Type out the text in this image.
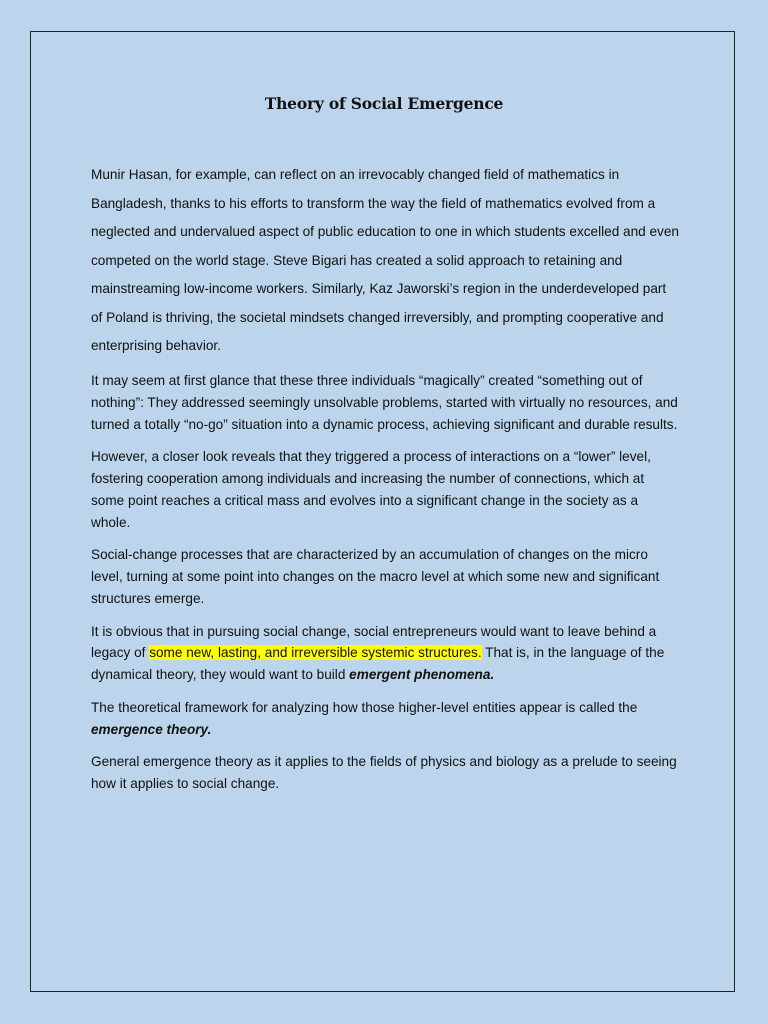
Theory of Social Emergence

Munir Hasan, for example, can reflect on an irrevocably changed field of mathematics in Bangladesh, thanks to his efforts to transform the way the field of mathematics evolved from a neglected and undervalued aspect of public education to one in which students excelled and even competed on the world stage. Steve Bigari has created a solid approach to retaining and mainstreaming low-income workers. Similarly, Kaz Jaworski’s region in the underdeveloped part of Poland is thriving, the societal mindsets changed irreversibly, and prompting cooperative and enterprising behavior.

It may seem at first glance that these three individuals “magically” created “something out of nothing”: They addressed seemingly unsolvable problems, started with virtually no resources, and turned a totally “no-go” situation into a dynamic process, achieving significant and durable results.

However, a closer look reveals that they triggered a process of interactions on a “lower” level, fostering cooperation among individuals and increasing the number of connections, which at some point reaches a critical mass and evolves into a significant change in the society as a whole.

Social-change processes that are characterized by an accumulation of changes on the micro level, turning at some point into changes on the macro level at which some new and significant structures emerge.

It is obvious that in pursuing social change, social entrepreneurs would want to leave behind a legacy of some new, lasting, and irreversible systemic structures. That is, in the language of the dynamical theory, they would want to build emergent phenomena.

The theoretical framework for analyzing how those higher-level entities appear is called the emergence theory.

General emergence theory as it applies to the fields of physics and biology as a prelude to seeing how it applies to social change.
